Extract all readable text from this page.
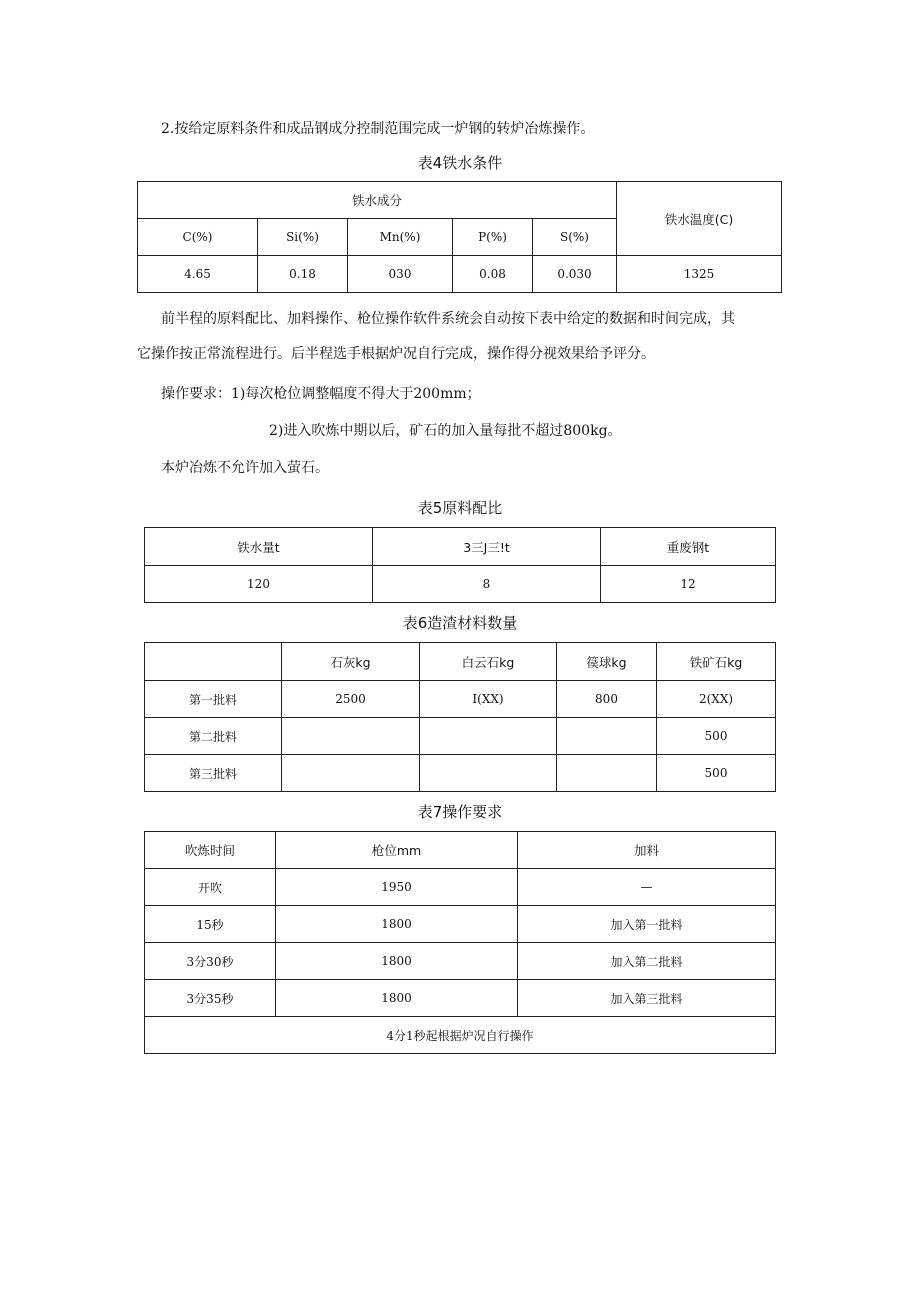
2.按给定原料条件和成品钢成分控制范围完成一炉钢的转炉冶炼操作。
表4铁水条件
铁水成分					铁水温度(C)
C(%)	Si(%)	Mn(%)	P(%)	S(%)	
4.65	0.18	030	0.08	0.030	1325
前半程的原料配比、加料操作、枪位操作软件系统会自动按下表中给定的数据和时间完成，其
它操作按正常流程进行。后半程选手根据炉况自行完成，操作得分视效果给予评分。
操作要求：1)每次枪位调整幅度不得大于200mm；
2)进入吹炼中期以后，矿石的加入量每批不超过800kg。
本炉冶炼不允许加入萤石。
表5原料配比
铁水量t	3三J三!t	重废钢t
120	8	12
表6造渣材料数量
	石灰kg	白云石kg	篌球kg	铁矿石kg
第一批料	2500	I(XX)	800	2(XX)
第二批料				500
第三批料				500
表7操作要求
吹炼时间	枪位mm	加料
开吹	1950	—
15秒	1800	加入第一批料
3分30秒	1800	加入第二批料
3分35秒	1800	加入第三批料
4分1秒起根据炉况自行操作		
